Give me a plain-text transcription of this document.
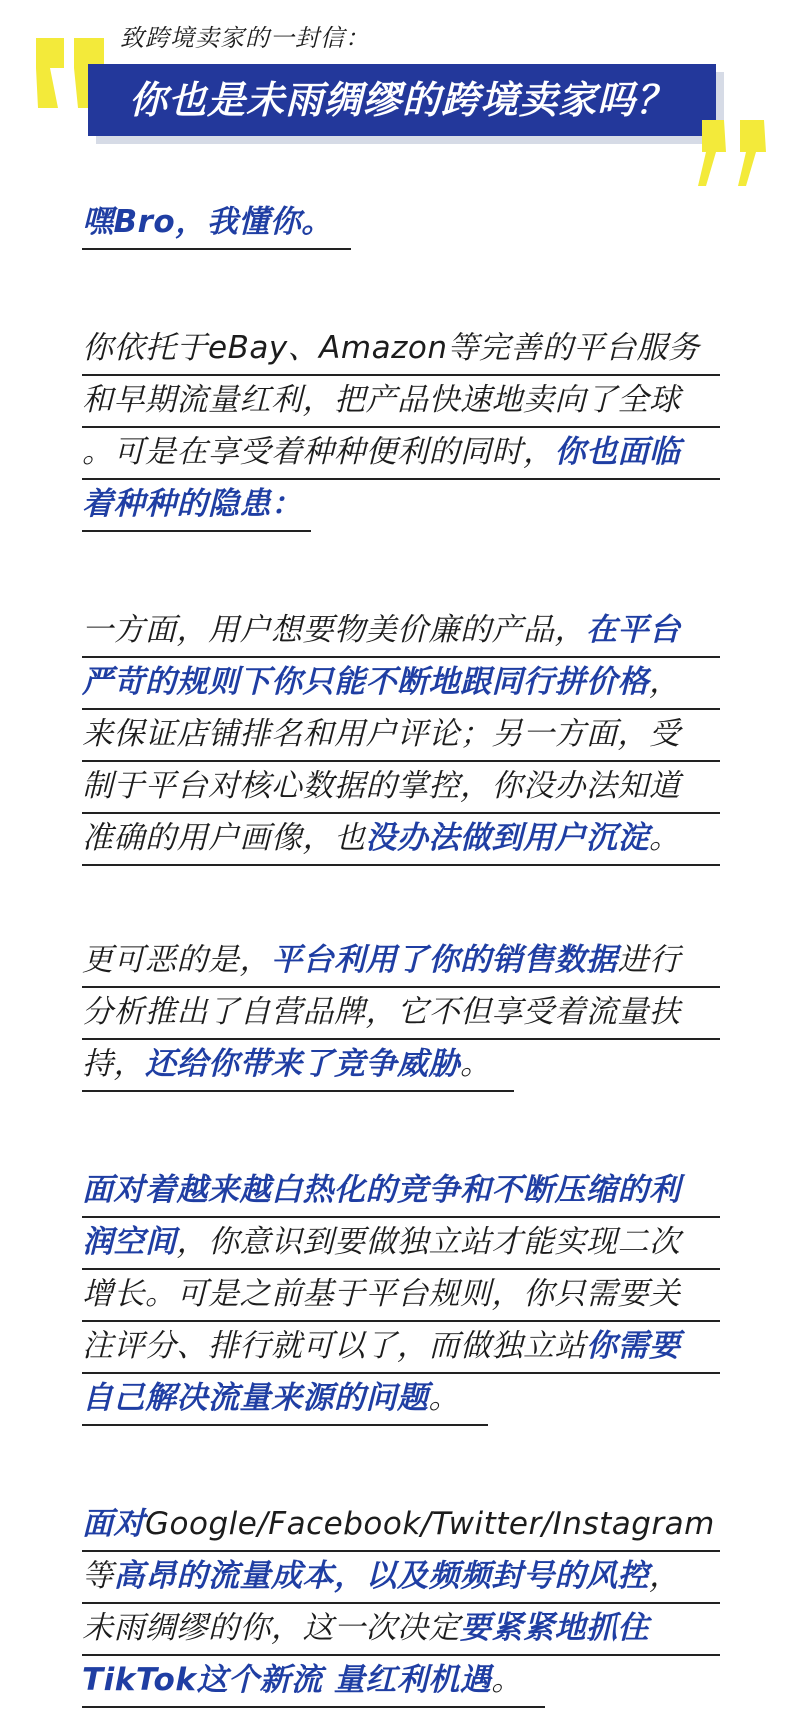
致跨境卖家的一封信：
你也是未雨绸缪的跨境卖家吗？
嘿Bro，我懂你。
你依托于eBay、Amazon等完善的平台服务
和早期流量红利，把产品快速地卖向了全球
。可是在享受着种种便利的同时，你也面临
着种种的隐患：
一方面，用户想要物美价廉的产品，在平台
严苛的规则下你只能不断地跟同行拼价格，
来保证店铺排名和用户评论；另一方面，受
制于平台对核心数据的掌控，你没办法知道
准确的用户画像，也没办法做到用户沉淀。
更可恶的是，平台利用了你的销售数据进行
分析推出了自营品牌，它不但享受着流量扶
持，还给你带来了竞争威胁。
面对着越来越白热化的竞争和不断压缩的利
润空间，你意识到要做独立站才能实现二次
增长。可是之前基于平台规则，你只需要关
注评分、排行就可以了，而做独立站你需要
自己解决流量来源的问题。
面对Google/Facebook/Twitter/Instagram
等高昂的流量成本，以及频频封号的风控，
未雨绸缪的你，这一次决定要紧紧地抓住
TikTok这个新流 量红利机遇。
